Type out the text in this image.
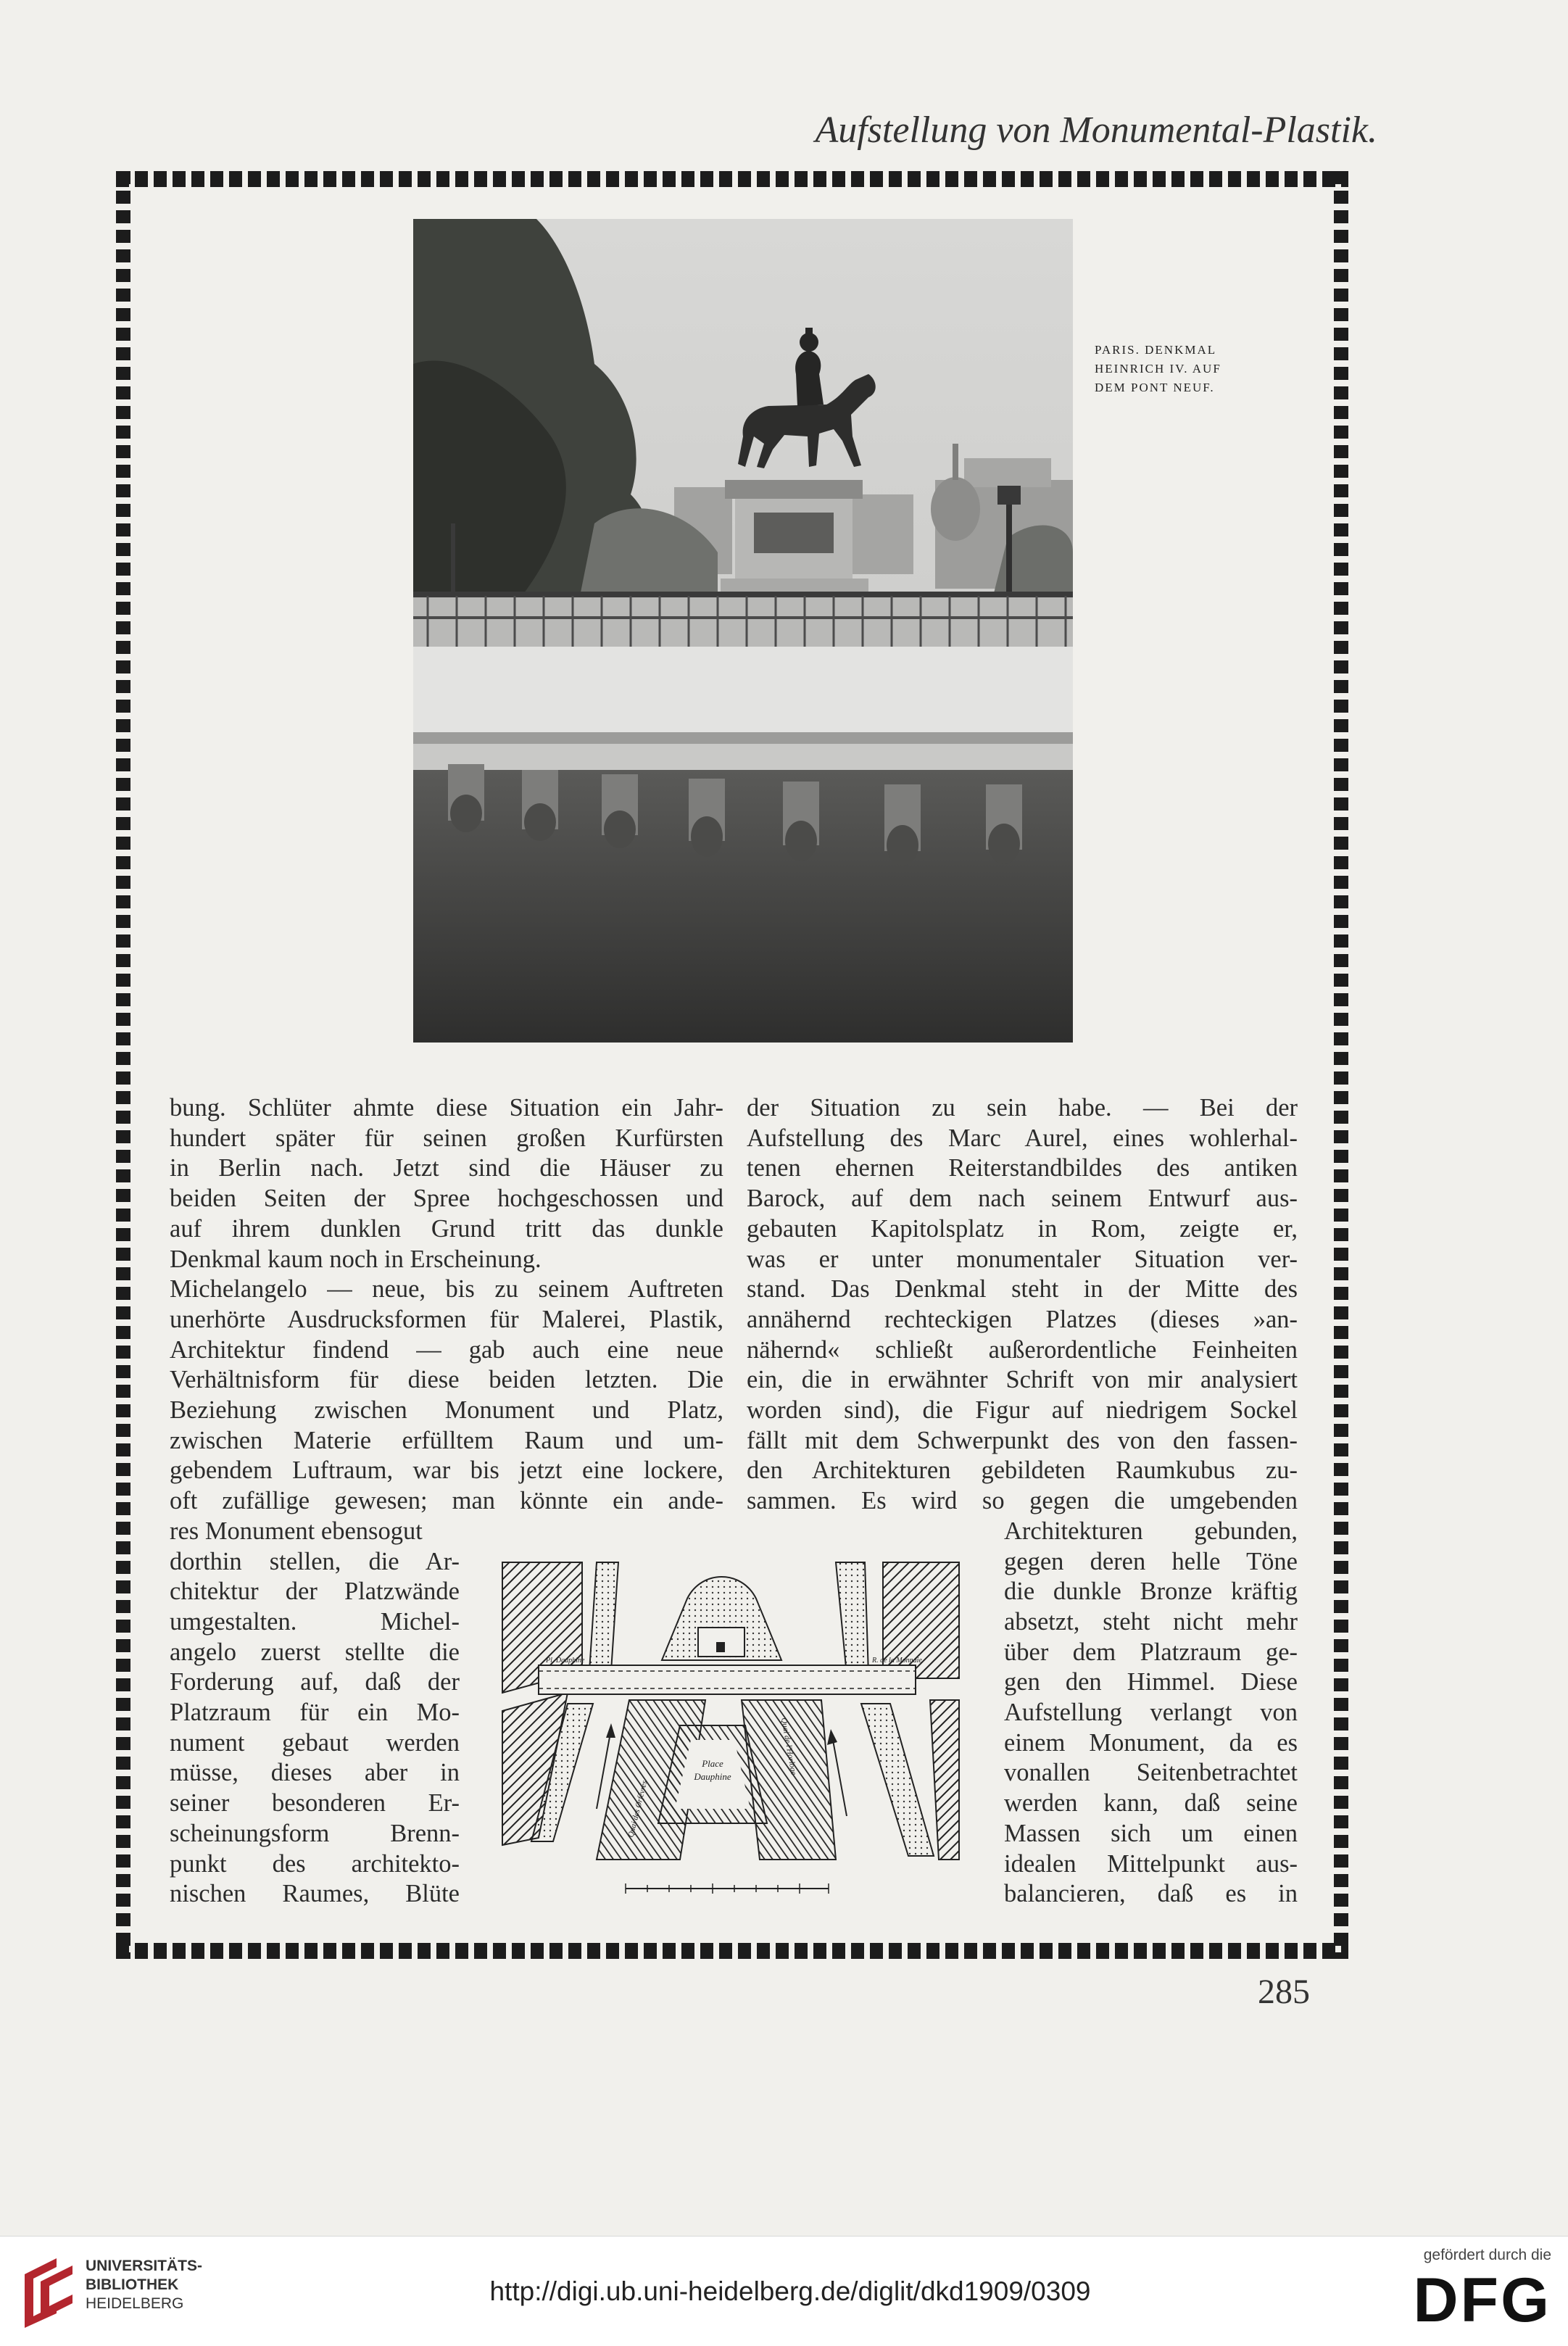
Aufstellung von Monumental-Plastik.
PARIS. DENKMAL
HEINRICH IV. AUF
DEM PONT NEUF.
bung. Schlüter ahmte diese Situation ein Jahr-
hundert später für seinen großen Kurfürsten
in Berlin nach. Jetzt sind die Häuser zu
beiden Seiten der Spree hochgeschossen und
auf ihrem dunklen Grund tritt das dunkle
Denkmal kaum noch in Erscheinung.
Michelangelo — neue, bis zu seinem Auftreten
unerhörte Ausdrucksformen für Malerei, Plastik,
Architektur findend — gab auch eine neue
Verhältnisform für diese beiden letzten. Die
Beziehung zwischen Monument und Platz,
zwischen Materie erfülltem Raum und um-
gebendem Luftraum, war bis jetzt eine lockere,
oft zufällige gewesen; man könnte ein ande-
res Monument ebensogut
dorthin stellen, die Ar-
chitektur der Platzwände
umgestalten. Michel-
angelo zuerst stellte die
Forderung auf, daß der
Platzraum für ein Mo-
nument gebaut werden
müsse, dieses aber in
seiner besonderen Er-
scheinungsform Brenn-
punkt des architekto-
nischen Raumes, Blüte
der Situation zu sein habe. — Bei der
Aufstellung des Marc Aurel, eines wohlerhal-
tenen ehernen Reiterstandbildes des antiken
Barock, auf dem nach seinem Entwurf aus-
gebauten Kapitolsplatz in Rom, zeigte er,
was er unter monumentaler Situation ver-
stand. Das Denkmal steht in der Mitte des
annähernd rechteckigen Platzes (dieses »an-
nähernd« schließt außerordentliche Feinheiten
ein, die in erwähnter Schrift von mir analysiert
worden sind), die Figur auf niedrigem Sockel
fällt mit dem Schwerpunkt des von den fassen-
den Architekturen gebildeten Raumkubus zu-
sammen. Es wird so gegen die umgebenden
Architekturen gebunden,
gegen deren helle Töne
die dunkle Bronze kräftig
absetzt, steht nicht mehr
über dem Platzraum ge-
gen den Himmel. Diese
Aufstellung verlangt von
einem Monument, da es
vonallen Seitenbetrachtet
werden kann, daß seine
Massen sich um einen
idealen Mittelpunkt aus-
balancieren, daß es in
Place
Dauphine
Quai des Orfèvres
Quai de l'Horloge
Pl. Dauphine	R. de la Monnaie
285
UNIVERSITÄTS-
BIBLIOTHEK
HEIDELBERG	http://digi.ub.uni-heidelberg.de/diglit/dkd1909/0309
gefördert durch die
DFG
